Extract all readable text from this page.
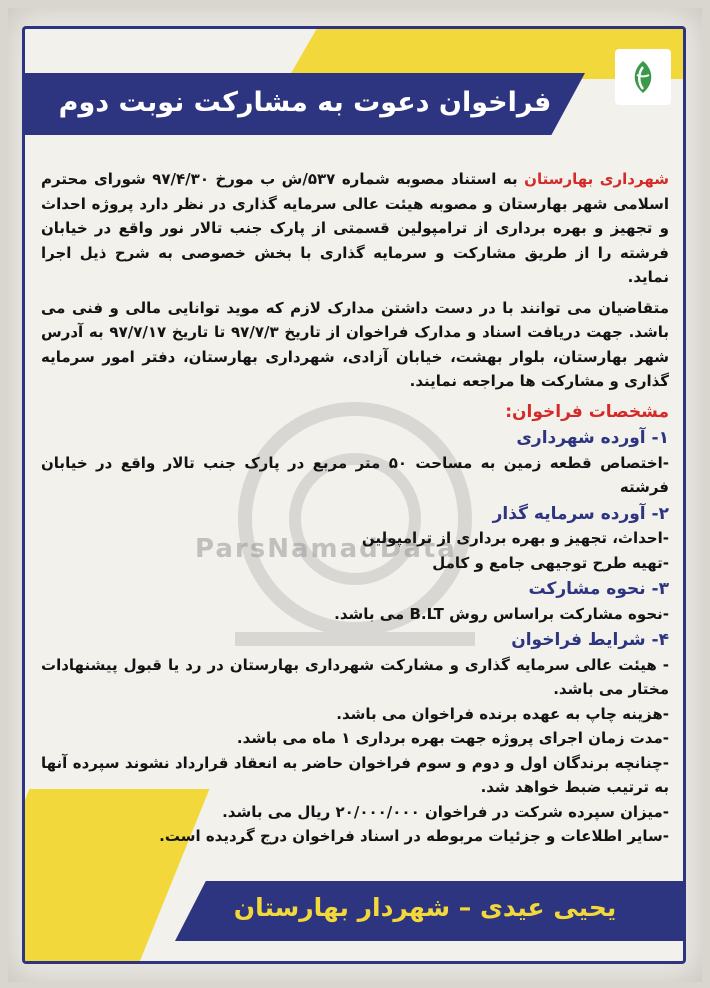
فراخوان دعوت به مشارکت نوبت دوم
ParsNamadData

شهرداری بهارستان به استناد مصوبه شماره ۵۳۷/ش ب مورخ ۹۷/۴/۳۰ شورای محترم اسلامی شهر بهارستان و مصوبه هیئت عالی سرمایه گذاری در نظر دارد پروژه احداث و تجهیز و بهره برداری از ترامپولین قسمتی از پارک جنب تالار نور واقع در خیابان فرشته را از طریق مشارکت و سرمایه گذاری با بخش خصوصی به شرح ذیل اجرا نماید.

متقاضیان می توانند با در دست داشتن مدارک لازم که موید توانایی مالی و فنی می باشد. جهت دریافت اسناد و مدارک فراخوان از تاریخ ۹۷/۷/۳ تا تاریخ ۹۷/۷/۱۷ به آدرس شهر بهارستان، بلوار بهشت، خیابان آزادی، شهرداری بهارستان، دفتر امور سرمایه گذاری و مشارکت ها مراجعه نمایند.

مشخصات فراخوان:
۱- آورده شهرداری
-اختصاص قطعه زمین به مساحت ۵۰ متر مربع در پارک جنب تالار واقع در خیابان فرشته
۲- آورده سرمایه گذار
-احداث، تجهیز و بهره برداری از ترامپولین
-تهیه طرح توجیهی جامع و کامل
۳- نحوه مشارکت
-نحوه مشارکت براساس روش B.LT می باشد.
۴- شرایط فراخوان
- هیئت عالی سرمایه گذاری و مشارکت شهرداری بهارستان در رد یا قبول پیشنهادات مختار می باشد.
-هزینه چاپ به عهده برنده فراخوان می باشد.
-مدت زمان اجرای پروژه جهت بهره برداری ۱ ماه می باشد.
-چنانچه برندگان اول و دوم و سوم فراخوان حاضر به انعقاد قرارداد نشوند سپرده آنها به ترتیب ضبط خواهد شد.
-میزان سپرده شرکت در فراخوان ۲۰/۰۰۰/۰۰۰ ریال می باشد.
-سایر اطلاعات و جزئیات مربوطه در اسناد فراخوان درج گردیده است.
یحیی عیدی – شهردار بهارستان
